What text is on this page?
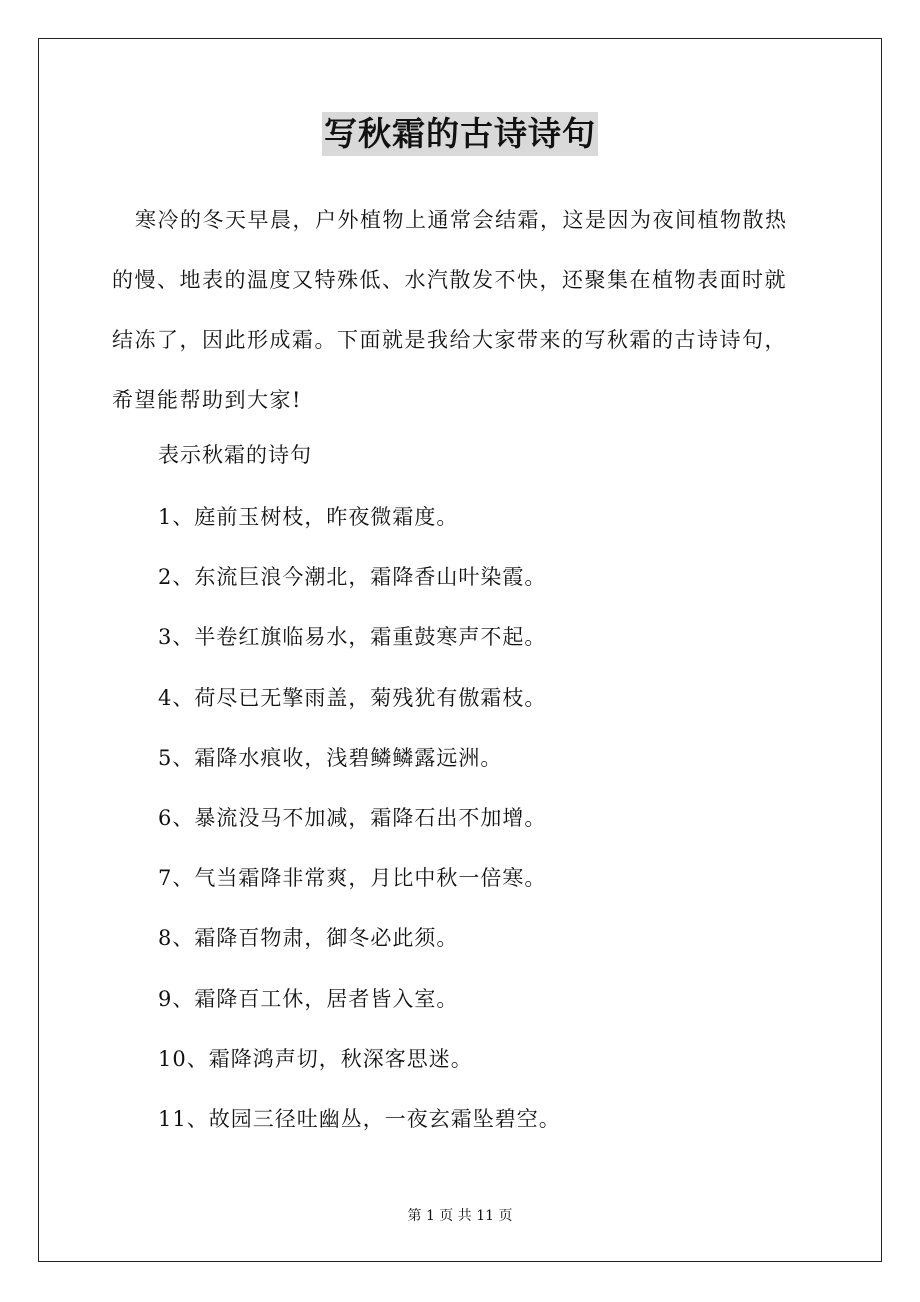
写秋霜的古诗诗句

寒冷的冬天早晨，户外植物上通常会结霜，这是因为夜间植物散热
的慢、地表的温度又特殊低、水汽散发不快，还聚集在植物表面时就
结冻了，因此形成霜。下面就是我给大家带来的写秋霜的古诗诗句，
希望能帮助到大家!

表示秋霜的诗句

1、庭前玉树枝，昨夜微霜度。
2、东流巨浪今潮北，霜降香山叶染霞。
3、半卷红旗临易水，霜重鼓寒声不起。
4、荷尽已无擎雨盖，菊残犹有傲霜枝。
5、霜降水痕收，浅碧鳞鳞露远洲。
6、暴流没马不加减，霜降石出不加增。
7、气当霜降非常爽，月比中秋一倍寒。
8、霜降百物肃，御冬必此须。
9、霜降百工休，居者皆入室。
10、霜降鸿声切，秋深客思迷。
11、故园三径吐幽丛，一夜玄霜坠碧空。
第 1 页 共 11 页
